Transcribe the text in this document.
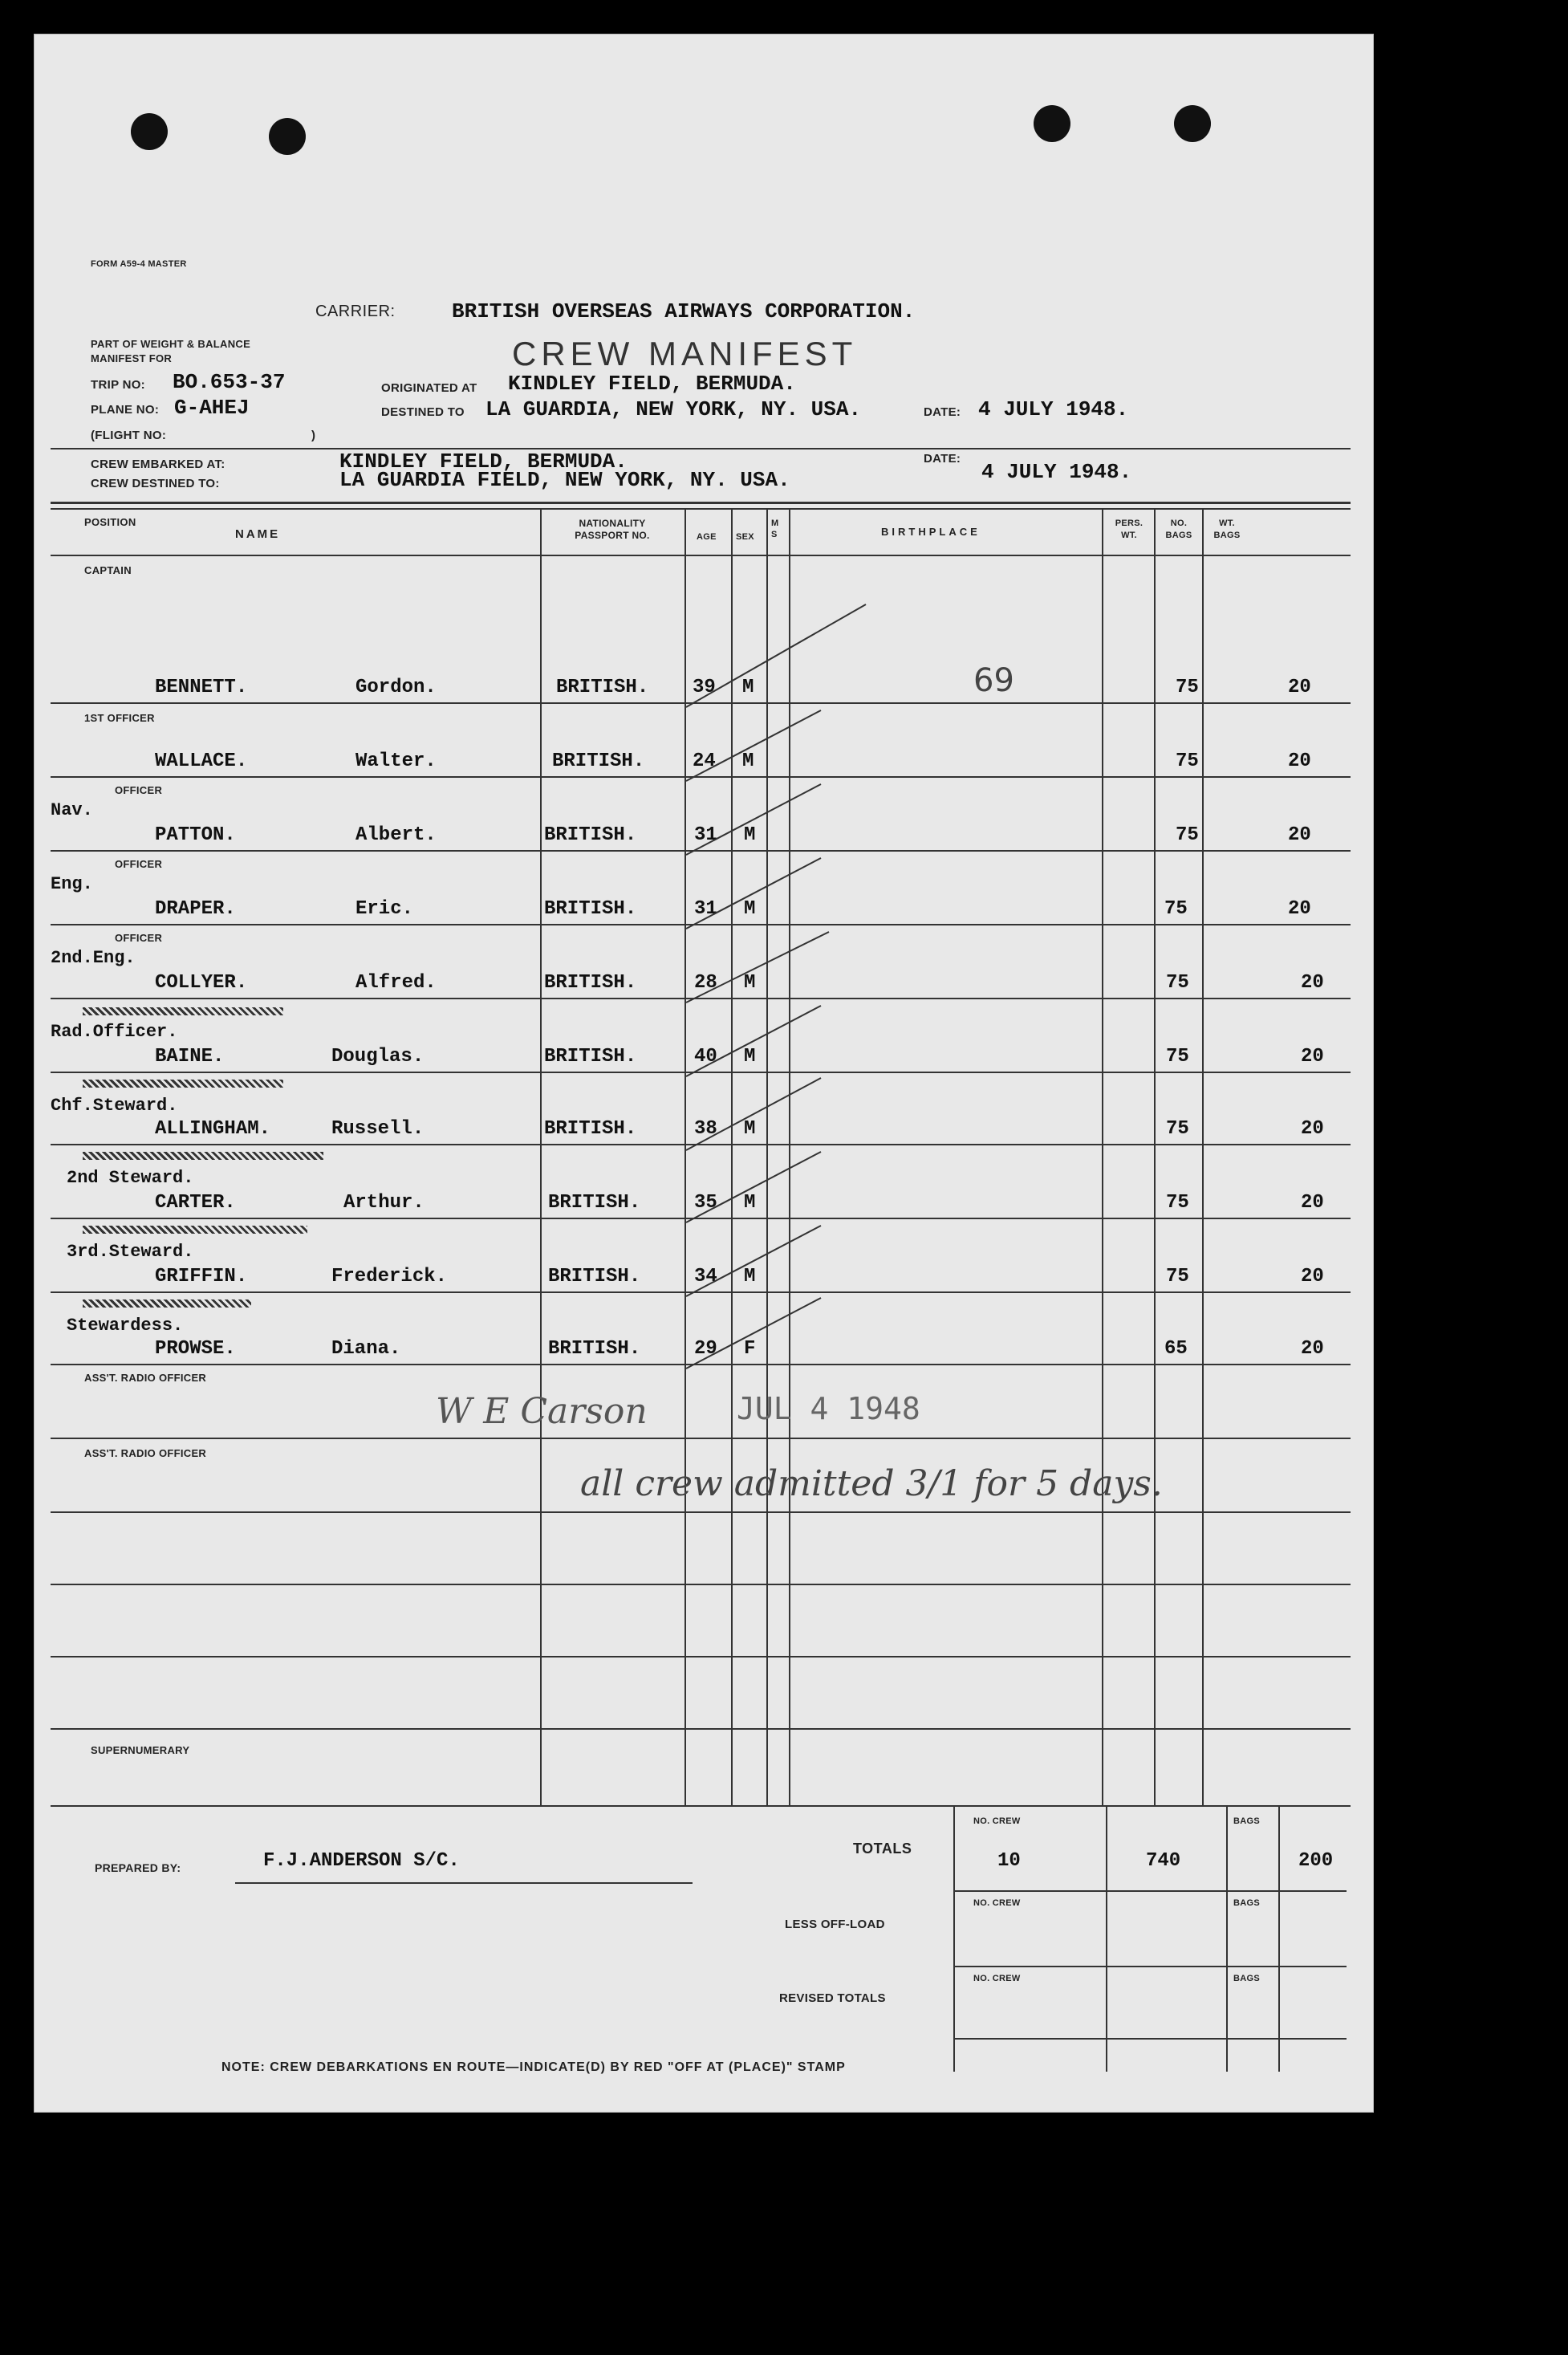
FORM A59-4 MASTER
CARRIER:	BRITISH OVERSEAS AIRWAYS CORPORATION.
PART OF WEIGHT & BALANCE
MANIFEST FOR	CREW MANIFEST
TRIP NO: BO.653-37
PLANE NO: G-AHEJ
(FLIGHT NO:	)
ORIGINATED AT KINDLEY FIELD, BERMUDA.
DESTINED TO LA GUARDIA, NEW YORK, NY. USA.	DATE: 4 JULY 1948.
CREW EMBARKED AT:	KINDLEY FIELD, BERMUDA.
CREW DESTINED TO:	LA GUARDIA FIELD, NEW YORK, NY. USA.
DATE:
4 JULY 1948.
POSITION
NAME
NATIONALITY PASSPORT NO.	AGE SEX
M S	BIRTHPLACE
PERS. WT.
NO. BAGS
WT. BAGS
CAPTAIN
BENNETT.	Gordon.	BRITISH. 39 M	69	75	20
1ST OFFICER
WALLACE.	Walter.	BRITISH. 24 M	75	20
OFFICER
Nav.
PATTON.	Albert.	BRITISH.	31 M	75	20
OFFICER
Eng.
DRAPER.	Eric.	BRITISH.	31 M	75	20
OFFICER
2nd.Eng.
COLLYER.	Alfred.	BRITISH.	28 M	75	20
Rad.Officer.
BAINE.	Douglas.	BRITISH.	40 M	75	20
Chf.Steward.
ALLINGHAM.	Russell.	BRITISH.	38 M	75	20
2nd Steward.
CARTER.	Arthur.	BRITISH.	35 M	75	20
3rd.Steward.
GRIFFIN.	Frederick.	BRITISH.	34 M	75	20
Stewardess.
PROWSE.	Diana.	BRITISH.	29 F	65	20
ASS'T. RADIO OFFICER
W E Carson	JUL 4 1948
ASS'T. RADIO OFFICER
all crew admitted 3/1 for 5 days.
SUPERNUMERARY
PREPARED BY:	F.J.ANDERSON S/C.
TOTALS
LESS OFF-LOAD
REVISED TOTALS
NO. CREW	BAGS
10	740	200
NO. CREW	BAGS
NO. CREW	BAGS
NOTE: CREW DEBARKATIONS EN ROUTE—INDICATE(D) BY RED "OFF AT (PLACE)" STAMP
